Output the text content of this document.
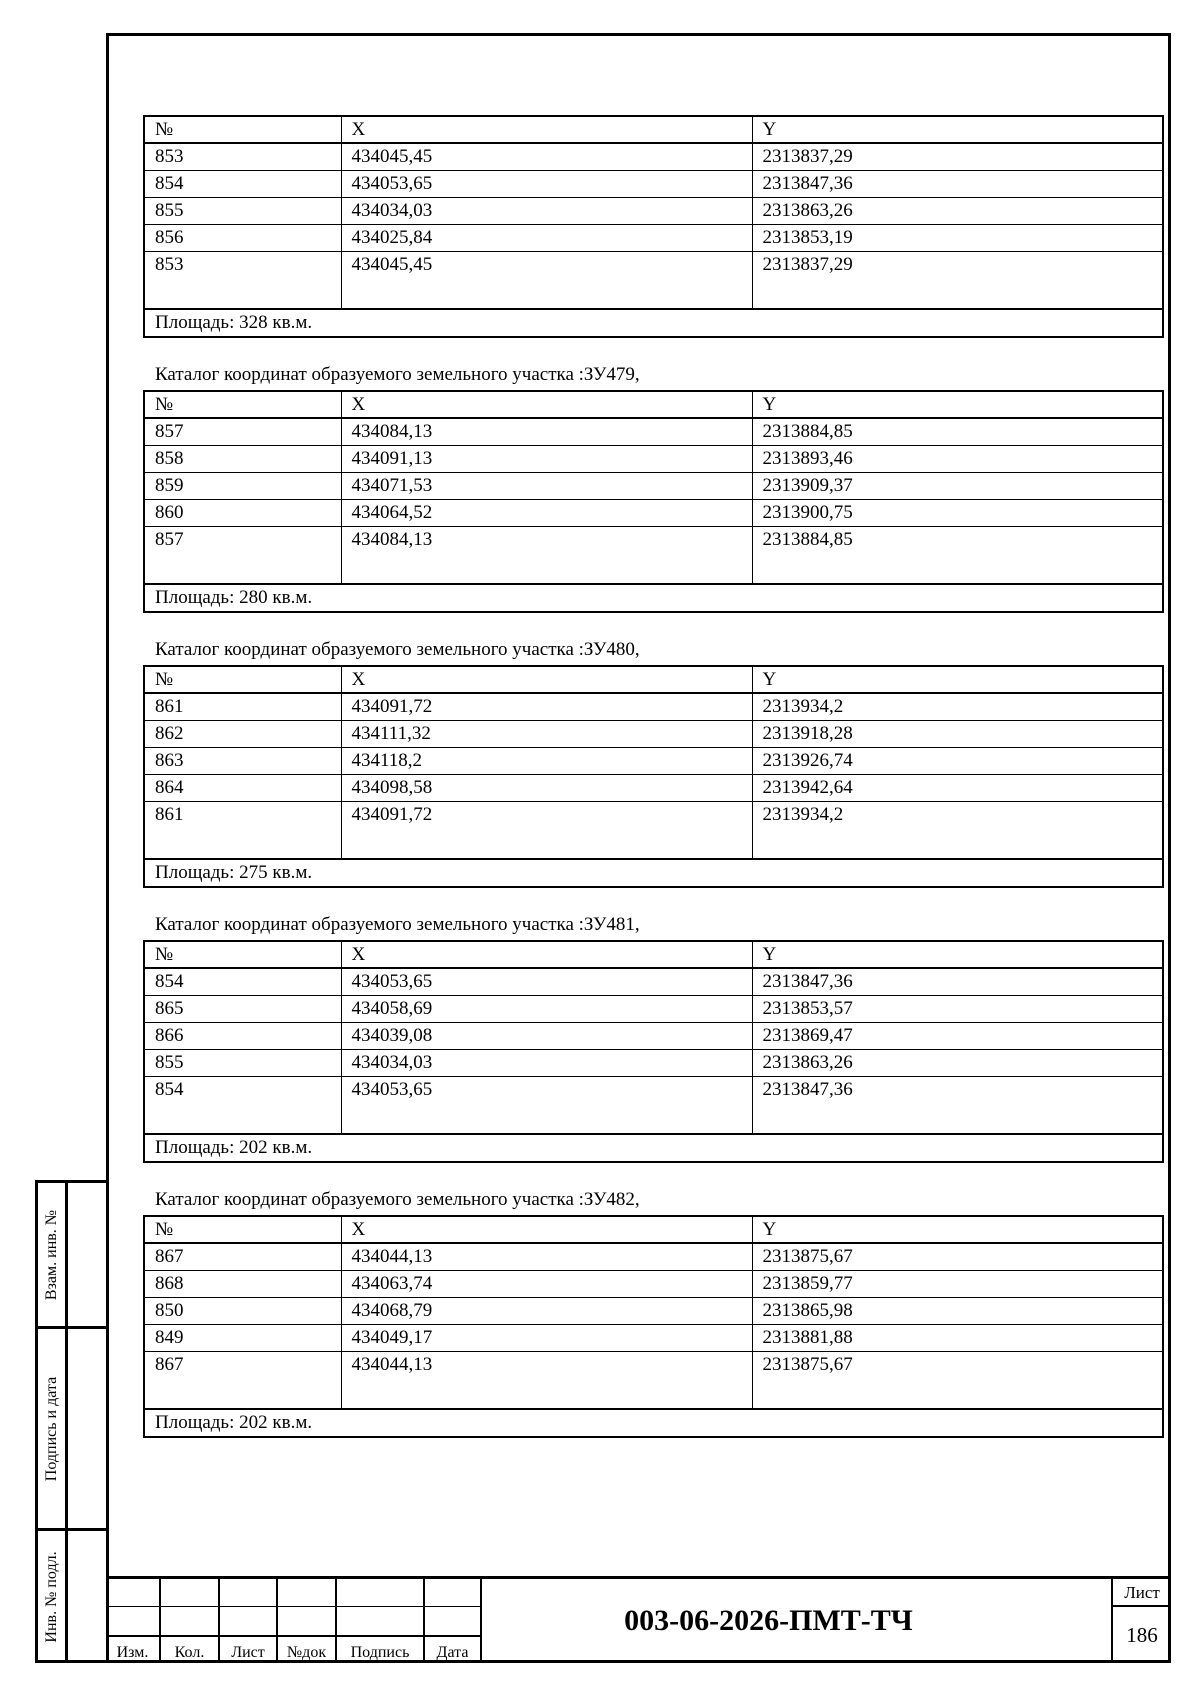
№	X	Y
853	434045,45	2313837,29
854	434053,65	2313847,36
855	434034,03	2313863,26
856	434025,84	2313853,19
853	434045,45	2313837,29
Площадь: 328 кв.м.		
Каталог координат образуемого земельного участка :ЗУ479,
№	X	Y
857	434084,13	2313884,85
858	434091,13	2313893,46
859	434071,53	2313909,37
860	434064,52	2313900,75
857	434084,13	2313884,85
Площадь: 280 кв.м.		
Каталог координат образуемого земельного участка :ЗУ480,
№	X	Y
861	434091,72	2313934,2
862	434111,32	2313918,28
863	434118,2	2313926,74
864	434098,58	2313942,64
861	434091,72	2313934,2
Площадь: 275 кв.м.		
Каталог координат образуемого земельного участка :ЗУ481,
№	X	Y
854	434053,65	2313847,36
865	434058,69	2313853,57
866	434039,08	2313869,47
855	434034,03	2313863,26
854	434053,65	2313847,36
Площадь: 202 кв.м.		
Каталог координат образуемого земельного участка :ЗУ482,
№	X	Y
867	434044,13	2313875,67
868	434063,74	2313859,77
850	434068,79	2313865,98
849	434049,17	2313881,88
867	434044,13	2313875,67
Площадь: 202 кв.м.		
Взам. инв. №
Подпись и дата
Инв. № подл.
Изм.	Кол.	Лист	№док	Подпись	Дата
003-06-2026-ПМТ-ТЧ
Лист
186
